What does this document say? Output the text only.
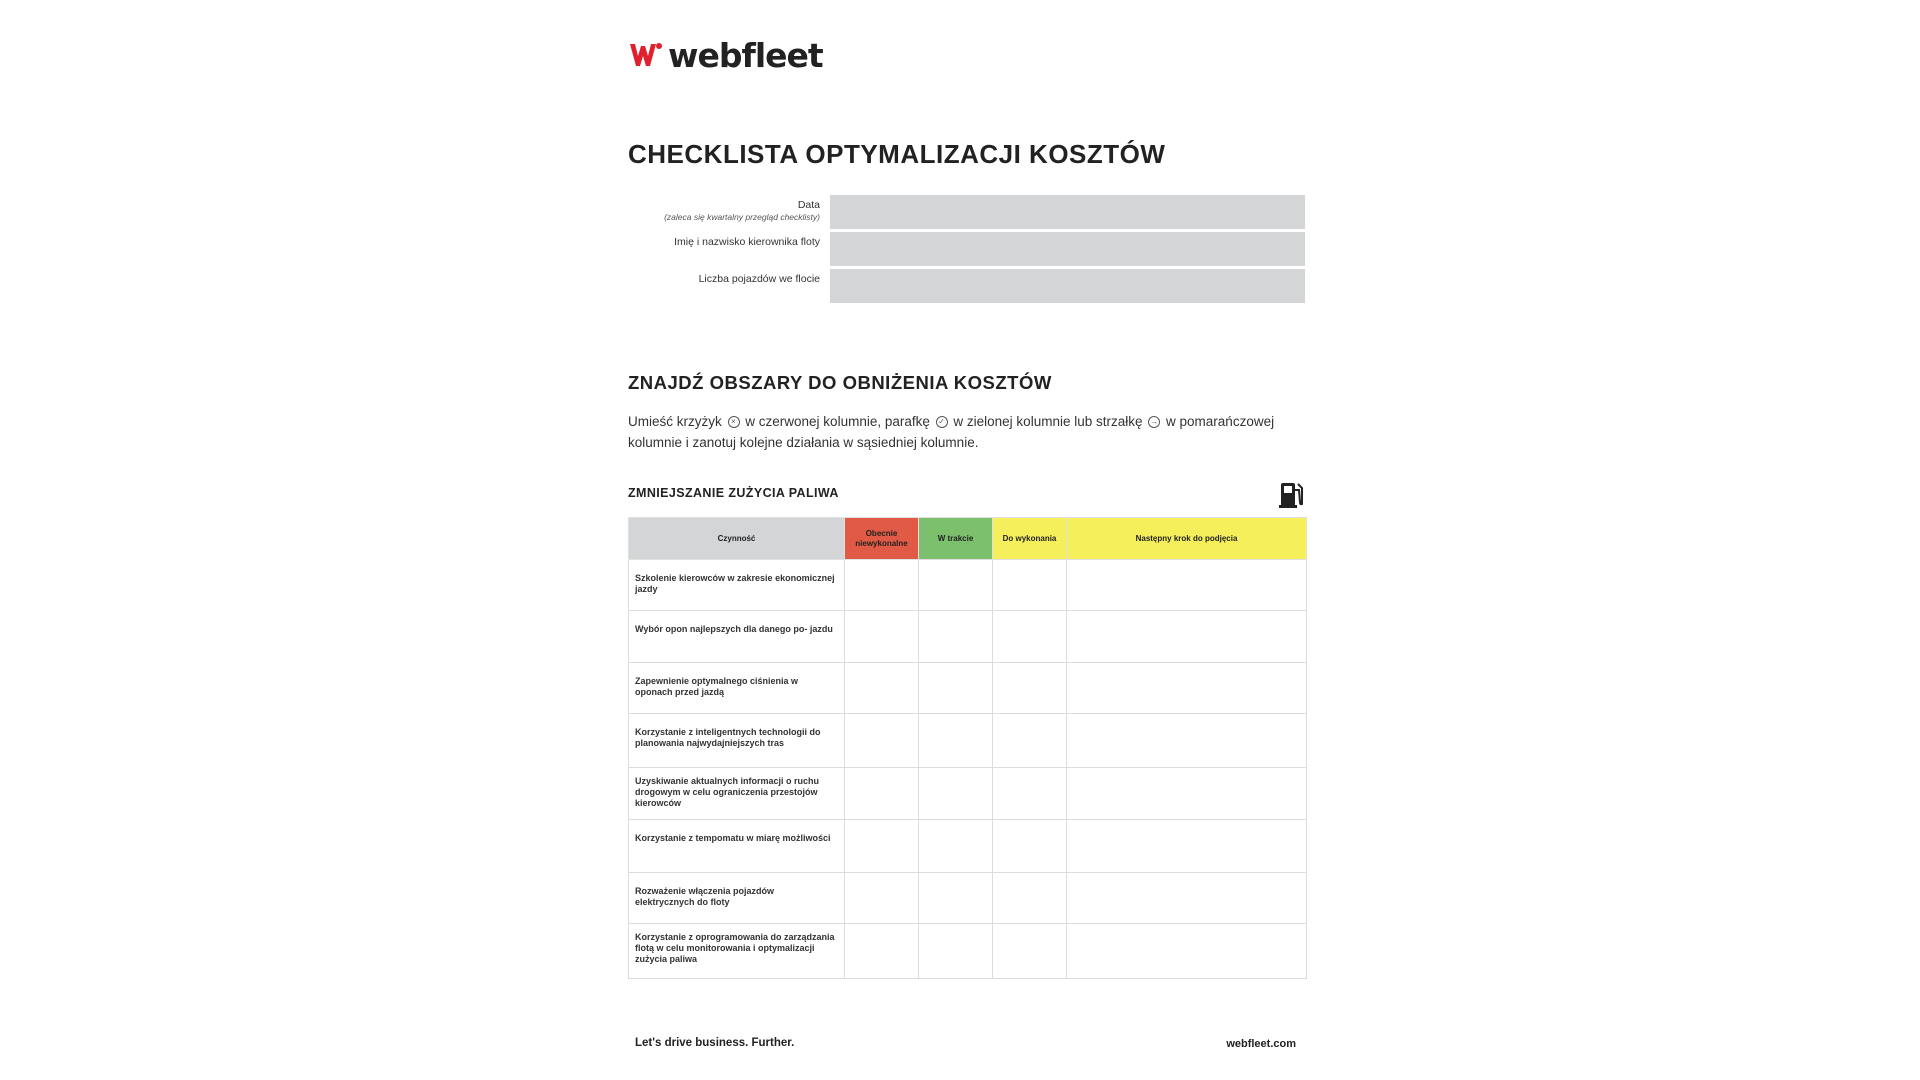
webfleet
CHECKLISTA OPTYMALIZACJI KOSZTÓW
Data
(zaleca się kwartalny przegląd checklisty)
Imię i nazwisko kierownika floty
Liczba pojazdów we flocie
ZNAJDŹ OBSZARY DO OBNIŻENIA KOSZTÓW

Umieść krzyżyk × w czerwonej kolumnie, parafkę ✓ w zielonej kolumnie lub strzałkę → w pomarańczowej kolumnie i zanotuj kolejne działania w sąsiedniej kolumnie.

ZMNIEJSZANIE ZUŻYCIA PALIWA
Czynność	Obecnie niewykonalne	W trakcie	Do wykonania	Następny krok do podjęcia
Szkolenie kierowców w zakresie ekonomicznej jazdy				
Wybór opon najlepszych dla danego po- jazdu				
Zapewnienie optymalnego ciśnienia w oponach przed jazdą				
Korzystanie z inteligentnych technologii do planowania najwydajniejszych tras				
Uzyskiwanie aktualnych informacji o ruchu drogowym w celu ograniczenia przestojów kierowców				
Korzystanie z tempomatu w miarę możliwości				
Rozważenie włączenia pojazdów elektrycznych do floty				
Korzystanie z oprogramowania do zarządzania flotą w celu monitorowania i optymalizacji zużycia paliwa				
Let's drive business. Further.	webfleet.com
